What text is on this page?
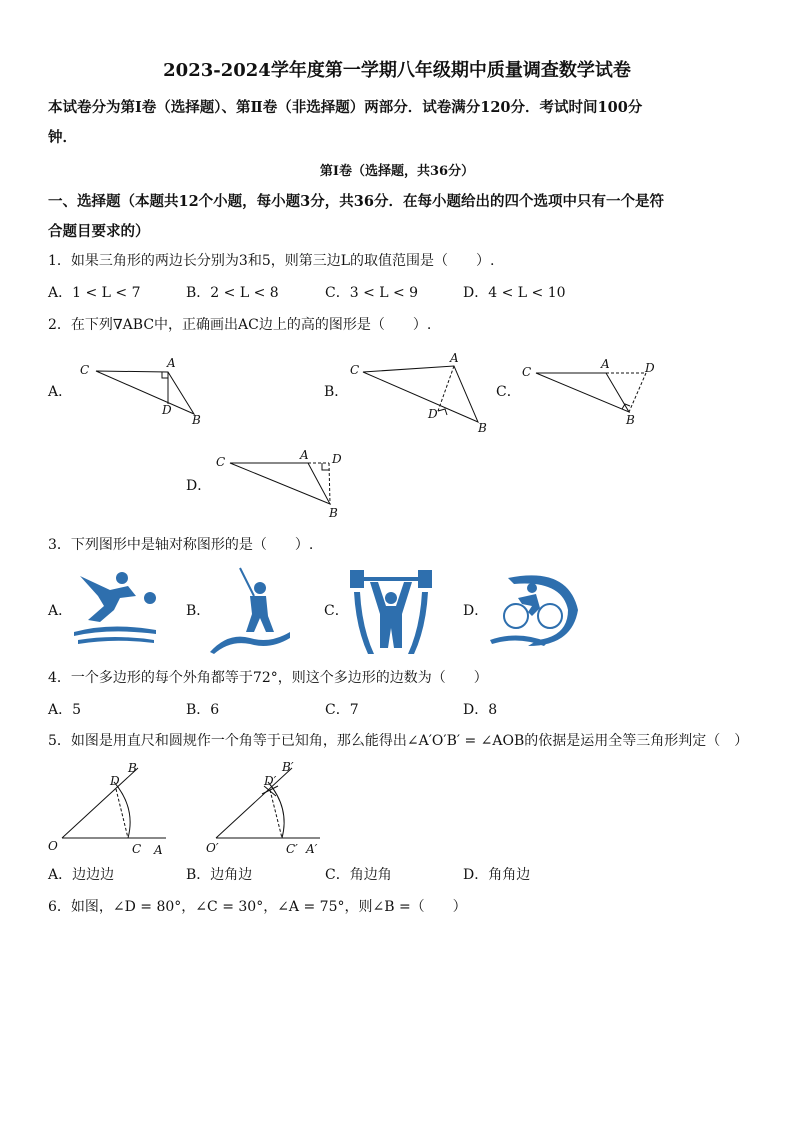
2023-2024学年度第一学期八年级期中质量调查数学试卷
本试卷分为第Ⅰ卷（选择题）、第Ⅱ卷（非选择题）两部分．试卷满分120分．考试时间100分
钟．
第Ⅰ卷（选择题，共36分）
一、选择题（本题共12个小题，每小题3分，共36分．在每小题给出的四个选项中只有一个是符
合题目要求的）
1．如果三角形的两边长分别为3和5，则第三边L的取值范围是（　　）.
A．1 < L < 7	B．2 < L < 8	C．3 < L < 9	D．4 < L < 10
2．在下列∇ABC中，正确画出AC边上的高的图形是（　　）.
A．
C	A
D
B
B．
C
A
D
B
C．
C
A	D
B
D．
C	A D
B
3．下列图形中是轴对称图形的是（　　）.
A．	B．	C．	D．
4．一个多边形的每个外角都等于72°，则这个多边形的边数为（　　）
A．5	B．6	C．7	D．8
5．如图是用直尺和圆规作一个角等于已知角，那么能得出∠A′O′B′ = ∠AOB的依据是运用全等三角形判定（　）
O	C A
D
B
O′	C′ A′
D′
B′
A．边边边	B．边角边	C．角边角	D．角角边
6．如图，∠D = 80°，∠C = 30°，∠A = 75°，则∠B =（　　）
